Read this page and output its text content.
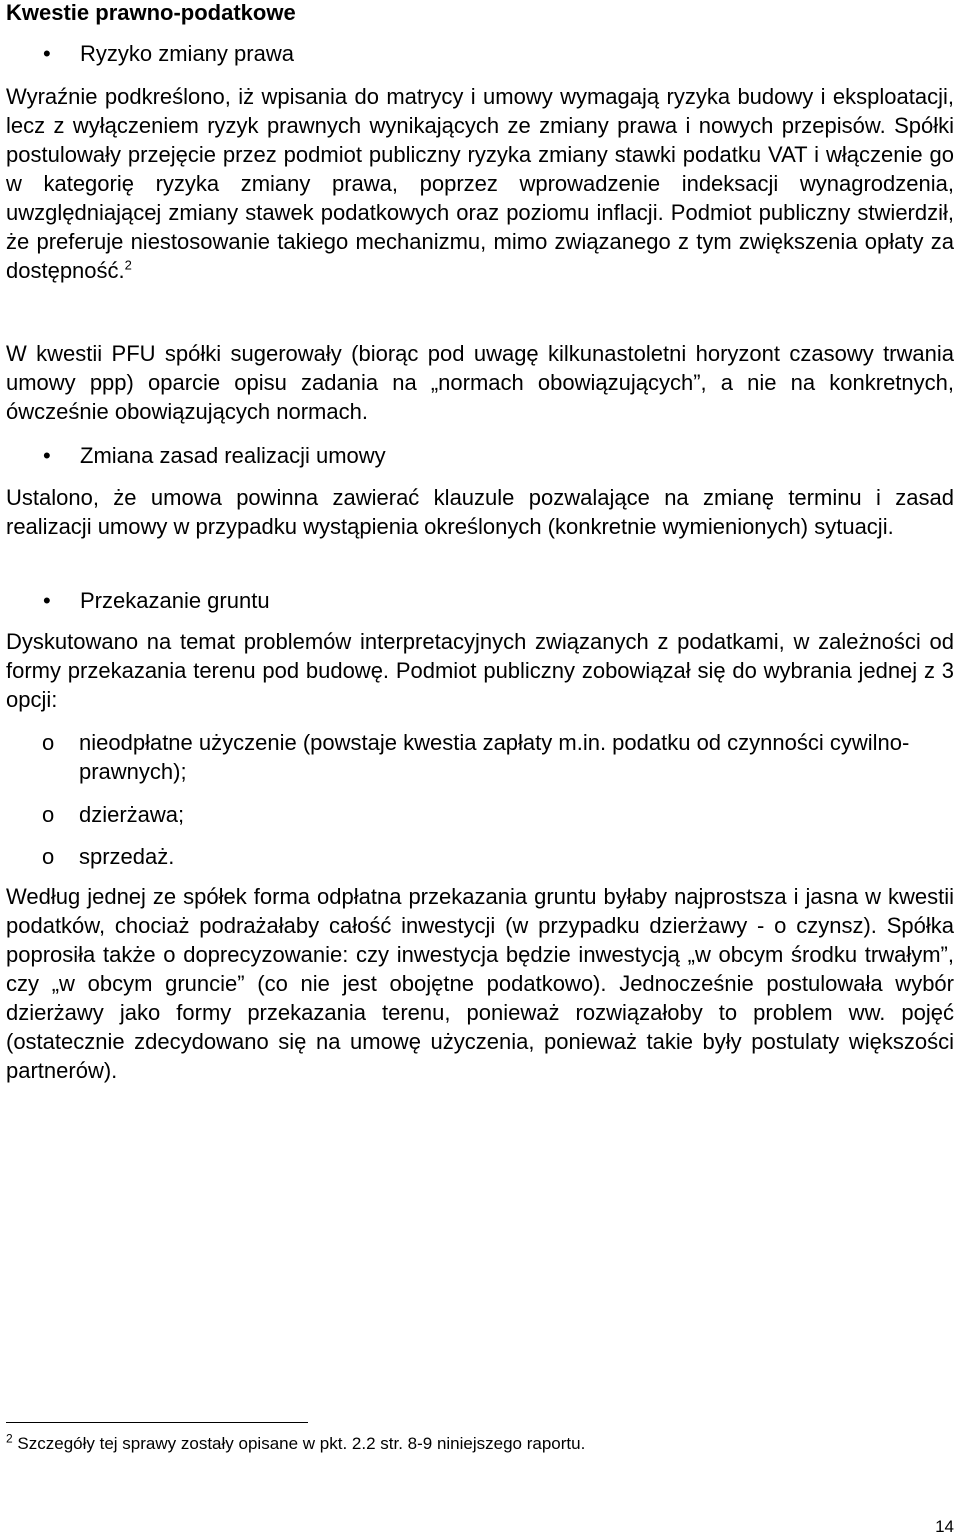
Kwestie prawno-podatkowe
• Ryzyko zmiany prawa

Wyraźnie podkreślono, iż wpisania do matrycy i umowy wymagają ryzyka budowy i eksploatacji, lecz z wyłączeniem ryzyk prawnych wynikających ze zmiany prawa i nowych przepisów. Spółki postulowały przejęcie przez podmiot publiczny ryzyka zmiany stawki podatku VAT i włączenie go w kategorię ryzyka zmiany prawa, poprzez wprowadzenie indeksacji wynagrodzenia, uwzględniającej zmiany stawek podatkowych oraz poziomu inflacji. Podmiot publiczny stwierdził, że preferuje niestosowanie takiego mechanizmu, mimo związanego z tym zwiększenia opłaty za dostępność.$^2$

W kwestii PFU spółki sugerowały (biorąc pod uwagę kilkunastoletni horyzont czasowy trwania umowy ppp) oparcie opisu zadania na „normach obowiązujących”, a nie na konkretnych, ówcześnie obowiązujących normach.

• Zmiana zasad realizacji umowy

Ustalono, że umowa powinna zawierać klauzule pozwalające na zmianę terminu i zasad realizacji umowy w przypadku wystąpienia określonych (konkretnie wymienionych) sytuacji.

• Przekazanie gruntu

Dyskutowano na temat problemów interpretacyjnych związanych z podatkami, w zależności od formy przekazania terenu pod budowę. Podmiot publiczny zobowiązał się do wybrania jednej z 3 opcji:

o nieodpłatne użyczenie (powstaje kwestia zapłaty m.in. podatku od czynności cywilno-prawnych);
o dzierżawa;
o sprzedaż.

Według jednej ze spółek forma odpłatna przekazania gruntu byłaby najprostsza i jasna w kwestii podatków, chociaż podrażałaby całość inwestycji (w przypadku dzierżawy - o czynsz). Spółka poprosiła także o doprecyzowanie: czy inwestycja będzie inwestycją „w obcym środku trwałym”, czy „w obcym gruncie” (co nie jest obojętne podatkowo). Jednocześnie postulowała wybór dzierżawy jako formy przekazania terenu, ponieważ rozwiązałoby to problem ww. pojęć (ostatecznie zdecydowano się na umowę użyczenia, ponieważ takie były postulaty większości partnerów).

$^2$ Szczegóły tej sprawy zostały opisane w pkt. 2.2 str. 8-9 niniejszego raportu.
14
